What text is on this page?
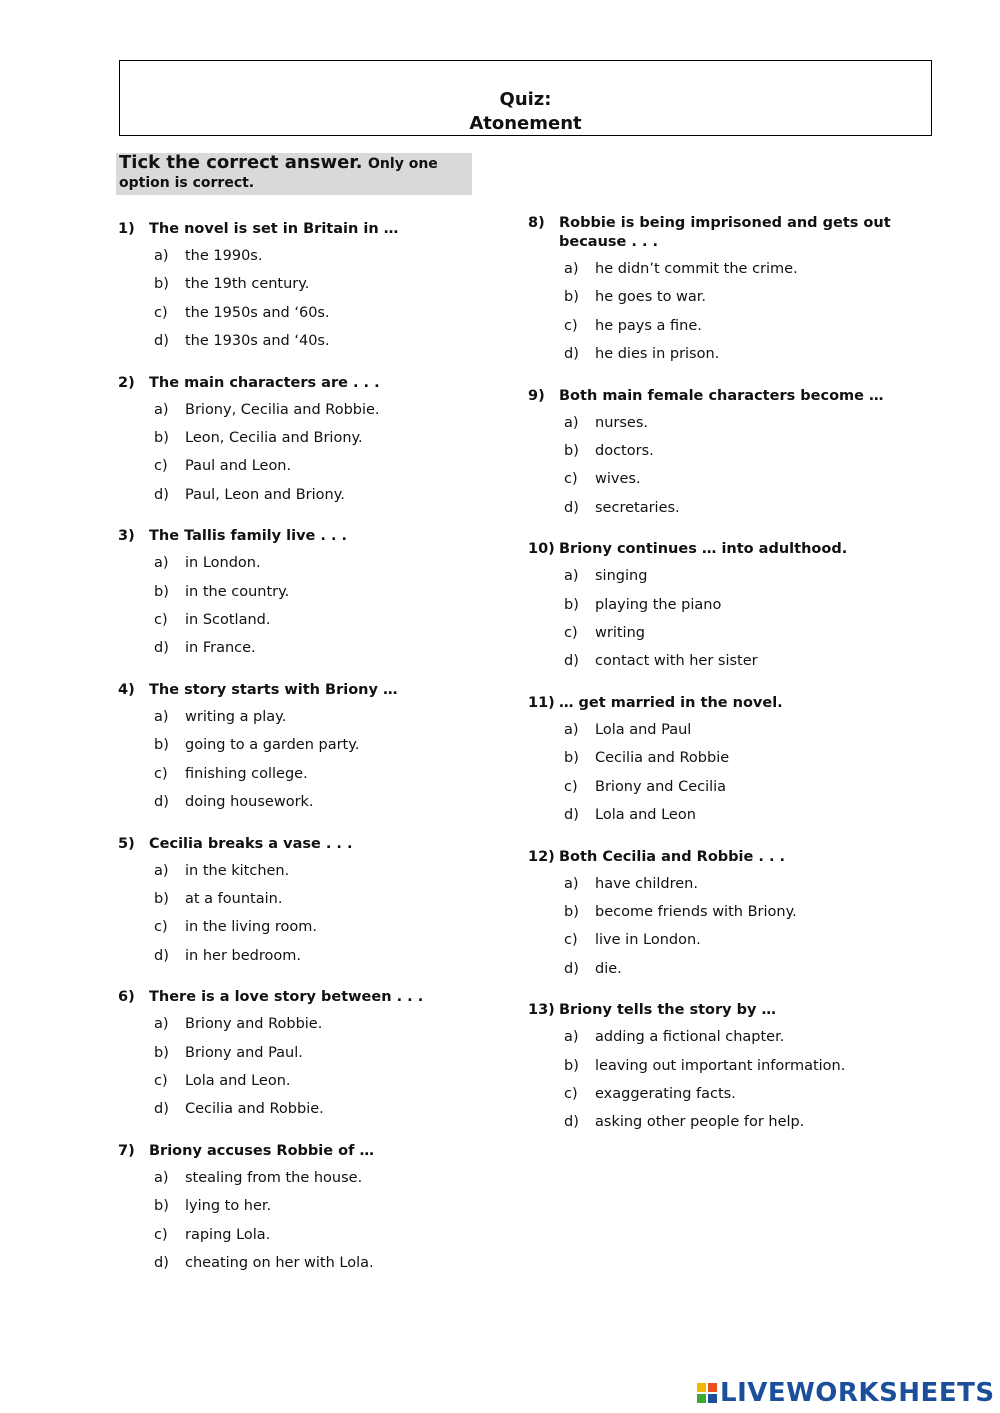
Quiz:
Atonement
Tick the correct answer. Only one option is correct.
1) The novel is set in Britain in …
a)	the 1990s.
b)	the 19th century.
c)	the 1950s and ‘60s.
d)	the 1930s and ‘40s.
2) The main characters are . . .
a)	Briony, Cecilia and Robbie.
b)	Leon, Cecilia and Briony.
c)	Paul and Leon.
d)	Paul, Leon and Briony.
3) The Tallis family live . . .
a)	in London.
b)	in the country.
c)	in Scotland.
d)	in France.
4) The story starts with Briony …
a)	writing a play.
b)	going to a garden party.
c)	finishing college.
d)	doing housework.
5) Cecilia breaks a vase . . .
a)	in the kitchen.
b)	at a fountain.
c)	in the living room.
d)	in her bedroom.
6) There is a love story between . . .
a)	Briony and Robbie.
b)	Briony and Paul.
c)	Lola and Leon.
d)	Cecilia and Robbie.
7) Briony accuses Robbie of …
a)	stealing from the house.
b)	lying to her.
c)	raping Lola.
d)	cheating on her with Lola.
8) Robbie is being imprisoned and gets out because . . .
a)	he didn’t commit the crime.
b)	he goes to war.
c)	he pays a fine.
d)	he dies in prison.
9) Both main female characters become …
a)	nurses.
b)	doctors.
c)	wives.
d)	secretaries.
10) Briony continues … into adulthood.
a)	singing
b)	playing the piano
c)	writing
d)	contact with her sister
11) … get married in the novel.
a)	Lola and Paul
b)	Cecilia and Robbie
c)	Briony and Cecilia
d)	Lola and Leon
12) Both Cecilia and Robbie . . .
a)	have children.
b)	become friends with Briony.
c)	live in London.
d)	die.
13) Briony tells the story by …
a)	adding a fictional chapter.
b)	leaving out important information.
c)	exaggerating facts.
d)	asking other people for help.
LIVEWORKSHEETS
